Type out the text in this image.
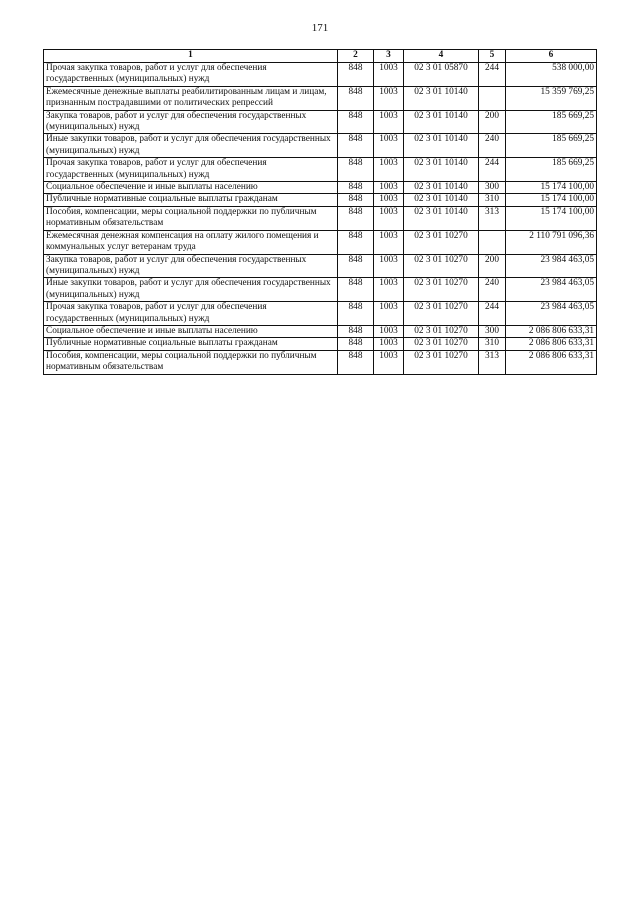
171
1	2	3	4	5	6
Прочая закупка товаров, работ и услуг для обеспечения государственных (муниципальных) нужд	848	1003	02 3 01 05870	244	538 000,00
Ежемесячные денежные выплаты реабилитированным лицам и лицам, признанным пострадавшими от политических репрессий	848	1003	02 3 01 10140		15 359 769,25
Закупка товаров, работ и услуг для обеспечения государственных (муниципальных) нужд	848	1003	02 3 01 10140	200	185 669,25
Иные закупки товаров, работ и услуг для обеспечения государственных (муниципальных) нужд	848	1003	02 3 01 10140	240	185 669,25
Прочая закупка товаров, работ и услуг для обеспечения государственных (муниципальных) нужд	848	1003	02 3 01 10140	244	185 669,25
Социальное обеспечение и иные выплаты населению	848	1003	02 3 01 10140	300	15 174 100,00
Публичные нормативные социальные выплаты гражданам	848	1003	02 3 01 10140	310	15 174 100,00
Пособия, компенсации, меры социальной поддержки по публичным нормативным обязательствам	848	1003	02 3 01 10140	313	15 174 100,00
Ежемесячная денежная компенсация на оплату жилого помещения и коммунальных услуг ветеранам труда	848	1003	02 3 01 10270		2 110 791 096,36
Закупка товаров, работ и услуг для обеспечения государственных (муниципальных) нужд	848	1003	02 3 01 10270	200	23 984 463,05
Иные закупки товаров, работ и услуг для обеспечения государственных (муниципальных) нужд	848	1003	02 3 01 10270	240	23 984 463,05
Прочая закупка товаров, работ и услуг для обеспечения государственных (муниципальных) нужд	848	1003	02 3 01 10270	244	23 984 463,05
Социальное обеспечение и иные выплаты населению	848	1003	02 3 01 10270	300	2 086 806 633,31
Публичные нормативные социальные выплаты гражданам	848	1003	02 3 01 10270	310	2 086 806 633,31
Пособия, компенсации, меры социальной поддержки по публичным нормативным обязательствам	848	1003	02 3 01 10270	313	2 086 806 633,31
